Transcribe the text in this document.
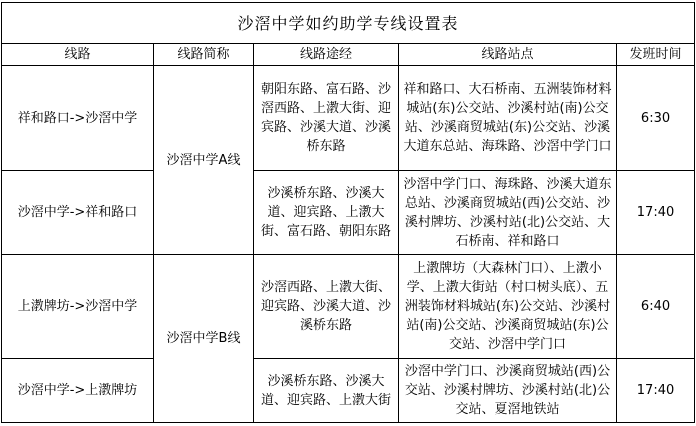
沙滘中学如约助学专线设置表				
线路	线路简称	线路途经	线路站点	发班时间
祥和路口->沙滘中学	沙滘中学A线	朝阳东路、富石路、沙滘西路、上漖大街、迎宾路、沙溪大道、沙溪桥东路	祥和路口、大石桥南、五洲装饰材料城站(东)公交站、沙溪村站(南)公交站、沙溪商贸城站(东)公交站、沙溪大道东总站、海珠路、沙滘中学门口	6:30
沙滘中学->祥和路口		沙溪桥东路、沙溪大道、迎宾路、上漖大街、富石路、朝阳东路	沙滘中学门口、海珠路、沙溪大道东总站、沙溪商贸城站(西)公交站、沙溪村牌坊、沙溪村站(北)公交站、大石桥南、祥和路口	17:40
上漖牌坊->沙滘中学	沙滘中学B线	沙滘西路、上漖大街、迎宾路、沙溪大道、沙溪桥东路	上漖牌坊（大森林门口）、上漖小学、上漖大街站（村口树头底）、五洲装饰材料城站(东)公交站、沙溪村站(南)公交站、沙溪商贸城站(东)公交站、沙滘中学门口	6:40
沙滘中学->上漖牌坊		沙溪桥东路、沙溪大道、迎宾路、上漖大街	沙滘中学门口、沙溪商贸城站(西)公交站、沙溪村牌坊、沙溪村站(北)公交站、夏滘地铁站	17:40
